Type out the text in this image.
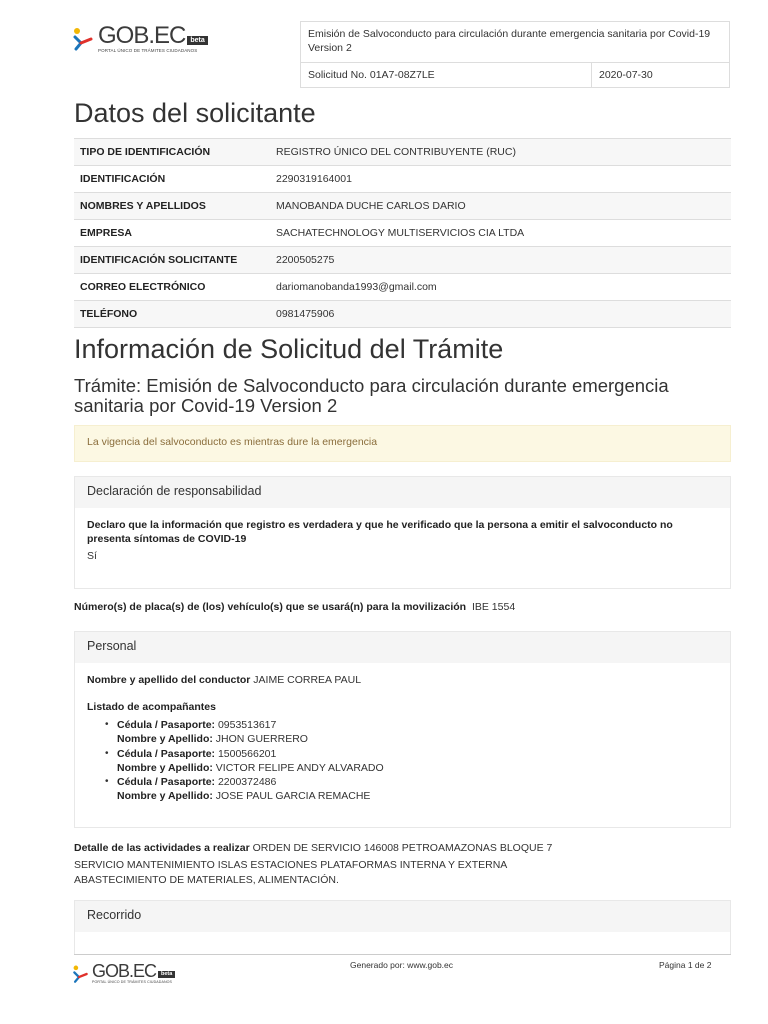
GOB.EC beta
PORTAL ÚNICO DE TRÁMITES CIUDADANOS
Emisión de Salvoconducto para circulación durante emergencia sanitaria por Covid-19 Version 2
Solicitud No. 01A7-08Z7LE	2020-07-30
Datos del solicitante
TIPO DE IDENTIFICACIÓN	REGISTRO ÚNICO DEL CONTRIBUYENTE (RUC)
IDENTIFICACIÓN	2290319164001
NOMBRES Y APELLIDOS	MANOBANDA DUCHE CARLOS DARIO
EMPRESA	SACHATECHNOLOGY MULTISERVICIOS CIA LTDA
IDENTIFICACIÓN SOLICITANTE	2200505275
CORREO ELECTRÓNICO	dariomanobanda1993@gmail.com
TELÉFONO	0981475906
Información de Solicitud del Trámite
Trámite: Emisión de Salvoconducto para circulación durante emergencia sanitaria por Covid-19 Version 2
La vigencia del salvoconducto es mientras dure la emergencia
Declaración de responsabilidad
Declaro que la información que registro es verdadera y que he verificado que la persona a emitir el salvoconducto no presenta síntomas de COVID-19
Sí
Número(s) de placa(s) de (los) vehículo(s) que se usará(n) para la movilización IBE 1554
Personal
Nombre y apellido del conductor JAIME CORREA PAUL
Listado de acompañantes
• Cédula / Pasaporte: 0953513617
Nombre y Apellido: JHON GUERRERO
• Cédula / Pasaporte: 1500566201
Nombre y Apellido: VICTOR FELIPE ANDY ALVARADO
• Cédula / Pasaporte: 2200372486
Nombre y Apellido: JOSE PAUL GARCIA REMACHE
Detalle de las actividades a realizar ORDEN DE SERVICIO 146008 PETROAMAZONAS BLOQUE 7
SERVICIO MANTENIMIENTO ISLAS ESTACIONES PLATAFORMAS INTERNA Y EXTERNA
ABASTECIMIENTO DE MATERIALES, ALIMENTACIÓN.
Recorrido
GOB.EC beta
PORTAL ÚNICO DE TRÁMITES CIUDADANOS
Generado por: www.gob.ec	Página 1 de 2
